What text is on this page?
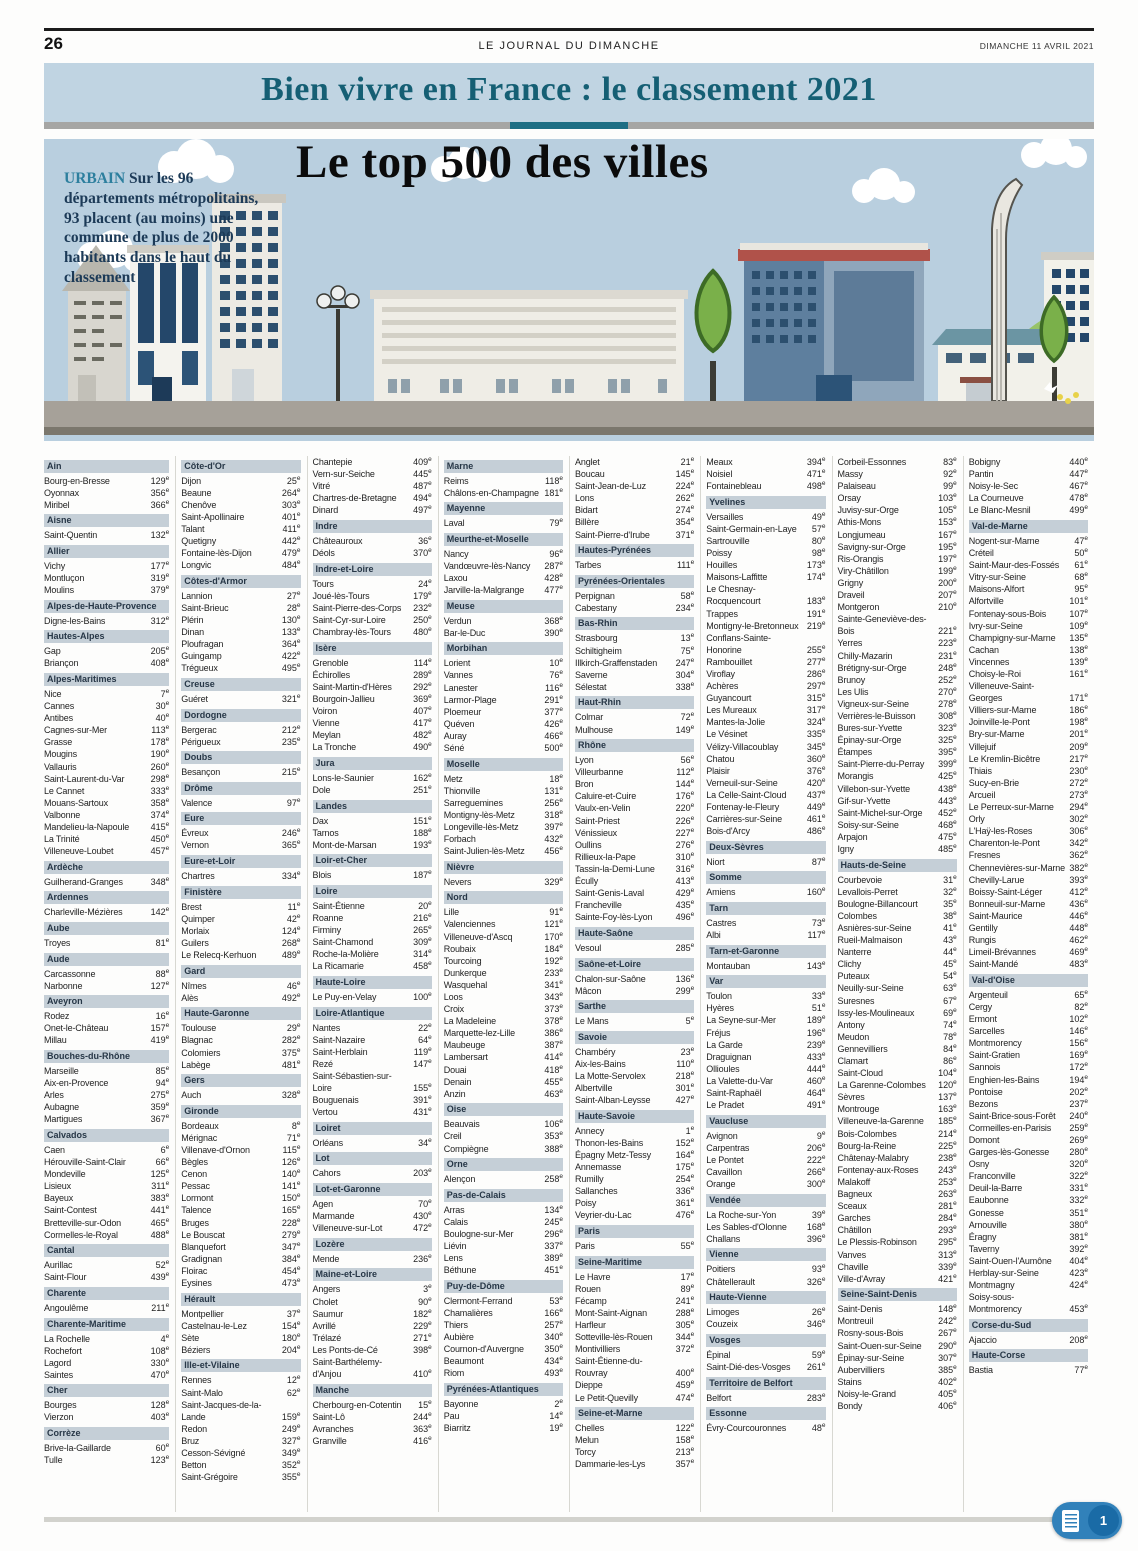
26	LE JOURNAL DU DIMANCHE	DIMANCHE 11 AVRIL 2021
Bien vivre en France : le classement 2021
URBAIN Sur les 96 départements métropolitains, 93 placent (au moins) une commune de plus de 2000 habitants dans le haut du classement
Le top 500 des villes
Ain
Bourg-en-Bresse	129e
Oyonnax	356e
Miribel	366e
Aisne
Saint-Quentin	132e
Allier
Vichy	177e
Montluçon	319e
Moulins	379e
Alpes-de-Haute-Provence
Digne-les-Bains	312e
Hautes-Alpes
Gap	205e
Briançon	408e
Alpes-Maritimes
Nice	7e
Cannes	30e
Antibes	40e
Cagnes-sur-Mer	113e
Grasse	178e
Mougins	190e
Vallauris	260e
Saint-Laurent-du-Var	298e
Le Cannet	333e
Mouans-Sartoux	358e
Valbonne	374e
Mandelieu-la-Napoule 415e
La Trinité	450e
Villeneuve-Loubet	457e
Ardèche
Guilherand-Granges	348e
Ardennes
Charleville-Mézières	142e
Aube
Troyes	81e
Aude
Carcassonne	88e
Narbonne	127e
Aveyron
Rodez	16e
Onet-le-Château	157e
Millau	419e
Bouches-du-Rhône
Marseille	85e
Aix-en-Provence	94e
Arles	275e
Aubagne	359e
Martigues	367e
Calvados
Caen	6e
Hérouville-Saint-Clair	66e
Mondeville	125e
Lisieux	311e
Bayeux	383e
Saint-Contest	441e
Bretteville-sur-Odon	465e
Cormelles-le-Royal	488e
Cantal
Aurillac	52e
Saint-Flour	439e
Charente
Angoulême	211e
Charente-Maritime
La Rochelle	4e
Rochefort	108e
Lagord	330e
Saintes	470e
Cher
Bourges	128e
Vierzon	403e
Corrèze
Brive-la-Gaillarde	60e
Tulle	123e
Côte-d'Or
Dijon	25e
Beaune	264e
Chenôve	303e
Saint-Apollinaire	401e
Talant	411e
Quetigny	442e
Fontaine-lès-Dijon	479e
Longvic	484e
Côtes-d'Armor
Lannion	27e
Saint-Brieuc	28e
Plérin	130e
Dinan	133e
Ploufragan	364e
Guingamp	422e
Trégueux	495e
Creuse
Guéret	321e
Dordogne
Bergerac	212e
Périgueux	235e
Doubs
Besançon	215e
Drôme
Valence	97e
Eure
Évreux	246e
Vernon	365e
Eure-et-Loir
Chartres	334e
Finistère
Brest	11e
Quimper	42e
Morlaix	124e
Guilers	268e
Le Relecq-Kerhuon	489e
Gard
Nîmes	46e
Alès	492e
Haute-Garonne
Toulouse	29e
Blagnac	282e
Colomiers	375e
Labège	481e
Gers
Auch	328e
Gironde
Bordeaux	8e
Mérignac	71e
Villenave-d'Ornon	115e
Bègles	126e
Cenon	140e
Pessac	141e
Lormont	150e
Talence	165e
Bruges	228e
Le Bouscat	279e
Blanquefort	347e
Gradignan	384e
Floirac	454e
Eysines	473e
Hérault
Montpellier	37e
Castelnau-le-Lez	154e
Sète	180e
Béziers	204e
Ille-et-Vilaine
Rennes	12e
Saint-Malo	62e
Saint-Jacques-de-la-Lande	159e
Redon	249e
Bruz	327e
Cesson-Sévigné	349e
Betton	352e
Saint-Grégoire	355e
Chantepie	409e
Vern-sur-Seiche	445e
Vitré	487e
Chartres-de-Bretagne 494e
Dinard	497e
Indre
Châteauroux	36e
Déols	370e
Indre-et-Loire
Tours	24e
Joué-lès-Tours	179e
Saint-Pierre-des-Corps 232e
Saint-Cyr-sur-Loire	250e
Chambray-lès-Tours 480e
Isère
Grenoble	114e
Échirolles	289e
Saint-Martin-d'Hères 292e
Bourgoin-Jallieu	369e
Voiron	407e
Vienne	417e
Meylan	482e
La Tronche	490e
Jura
Lons-le-Saunier	162e
Dole	251e
Landes
Dax	151e
Tarnos	188e
Mont-de-Marsan	193e
Loir-et-Cher
Blois	187e
Loire
Saint-Étienne	20e
Roanne	216e
Firminy	265e
Saint-Chamond	309e
Roche-la-Molière	314e
La Ricamarie	458e
Haute-Loire
Le Puy-en-Velay	100e
Loire-Atlantique
Nantes	22e
Saint-Nazaire	64e
Saint-Herblain	119e
Rezé	147e
Saint-Sébastien-sur-Loire	155e
Bouguenais	391e
Vertou	431e
Loiret
Orléans	34e
Lot
Cahors	203e
Lot-et-Garonne
Agen	70e
Marmande	430e
Villeneuve-sur-Lot	472e
Lozère
Mende	236e
Maine-et-Loire
Angers	3e
Cholet	90e
Saumur	182e
Avrillé	229e
Trélazé	271e
Les Ponts-de-Cé	398e
Saint-Barthélemy-d'Anjou	410e
Manche
Cherbourg-en-Cotentin 15e
Saint-Lô	244e
Avranches	363e
Granville	416e
Marne
Reims	118e
Châlons-en-Champagne 181e
Mayenne
Laval	79e
Meurthe-et-Moselle
Nancy	96e
Vandœuvre-lès-Nancy 287e
Laxou	428e
Jarville-la-Malgrange 477e
Meuse
Verdun	368e
Bar-le-Duc	390e
Morbihan
Lorient	10e
Vannes	76e
Lanester	116e
Larmor-Plage	291e
Ploemeur	377e
Quéven	426e
Auray	466e
Séné	500e
Moselle
Metz	18e
Thionville	131e
Sarreguemines	256e
Montigny-lès-Metz	318e
Longeville-lès-Metz	397e
Forbach	432e
Saint-Julien-lès-Metz 456e
Nièvre
Nevers	329e
Nord
Lille	91e
Valenciennes	121e
Villeneuve-d'Ascq	170e
Roubaix	184e
Tourcoing	192e
Dunkerque	233e
Wasquehal	341e
Loos	343e
Croix	373e
La Madeleine	378e
Marquette-lez-Lille	386e
Maubeuge	387e
Lambersart	414e
Douai	418e
Denain	455e
Anzin	463e
Oise
Beauvais	106e
Creil	353e
Compiègne	388e
Orne
Alençon	258e
Pas-de-Calais
Arras	134e
Calais	245e
Boulogne-sur-Mer	296e
Liévin	337e
Lens	389e
Béthune	451e
Puy-de-Dôme
Clermont-Ferrand	53e
Chamalières	166e
Thiers	257e
Aubière	340e
Cournon-d'Auvergne 350e
Beaumont	434e
Riom	493e
Pyrénées-Atlantiques
Bayonne	2e
Pau	14e
Biarritz	19e
Anglet	21e
Boucau	145e
Saint-Jean-de-Luz	224e
Lons	262e
Bidart	274e
Billère	354e
Saint-Pierre-d'Irube	371e
Hautes-Pyrénées
Tarbes	111e
Pyrénées-Orientales
Perpignan	58e
Cabestany	234e
Bas-Rhin
Strasbourg	13e
Schiltigheim	75e
Illkirch-Graffenstaden 247e
Saverne	304e
Sélestat	338e
Haut-Rhin
Colmar	72e
Mulhouse	149e
Rhône
Lyon	56e
Villeurbanne	112e
Bron	144e
Caluire-et-Cuire	176e
Vaulx-en-Velin	220e
Saint-Priest	226e
Vénissieux	227e
Oullins	276e
Rillieux-la-Pape	310e
Tassin-la-Demi-Lune 316e
Écully	413e
Saint-Genis-Laval	429e
Francheville	435e
Sainte-Foy-lès-Lyon	496e
Haute-Saône
Vesoul	285e
Saône-et-Loire
Chalon-sur-Saône	136e
Mâcon	299e
Sarthe
Le Mans	5e
Savoie
Chambéry	23e
Aix-les-Bains	110e
La Motte-Servolex	218e
Albertville	301e
Saint-Alban-Leysse	427e
Haute-Savoie
Annecy	1e
Thonon-les-Bains	152e
Épagny Metz-Tessy	164e
Annemasse	175e
Rumilly	254e
Sallanches	336e
Poisy	361e
Veyrier-du-Lac	476e
Paris
Paris	55e
Seine-Maritime
Le Havre	17e
Rouen	89e
Fécamp	241e
Mont-Saint-Aignan	288e
Harfleur	305e
Sotteville-lès-Rouen	344e
Montivilliers	372e
Saint-Étienne-du-Rouvray	400e
Dieppe	459e
Le Petit-Quevilly	474e
Seine-et-Marne
Chelles	122e
Melun	158e
Torcy	213e
Dammarie-les-Lys	357e
Meaux	394e
Noisiel	471e
Fontainebleau	498e
Yvelines
Versailles	49e
Saint-Germain-en-Laye 57e
Sartrouville	80e
Poissy	98e
Houilles	173e
Maisons-Laffitte	174e
Le Chesnay-Rocquencourt	183e
Trappes	191e
Montigny-le-Bretonneux 219e
Conflans-Sainte-Honorine	255e
Rambouillet	277e
Viroflay	286e
Achères	297e
Guyancourt	315e
Les Mureaux	317e
Mantes-la-Jolie	324e
Le Vésinet	335e
Vélizy-Villacoublay	345e
Chatou	360e
Plaisir	376e
Verneuil-sur-Seine	420e
La Celle-Saint-Cloud 437e
Fontenay-le-Fleury	449e
Carrières-sur-Seine	461e
Bois-d'Arcy	486e
Deux-Sèvres
Niort	87e
Somme
Amiens	160e
Tarn
Castres	73e
Albi	117e
Tarn-et-Garonne
Montauban	143e
Var
Toulon	33e
Hyères	51e
La Seyne-sur-Mer	189e
Fréjus	196e
La Garde	239e
Draguignan	433e
Ollioules	444e
La Valette-du-Var	460e
Saint-Raphaël	464e
Le Pradet	491e
Vaucluse
Avignon	9e
Carpentras	206e
Le Pontet	222e
Cavaillon	266e
Orange	300e
Vendée
La Roche-sur-Yon	39e
Les Sables-d'Olonne 168e
Challans	396e
Vienne
Poitiers	93e
Châtellerault	326e
Haute-Vienne
Limoges	26e
Couzeix	346e
Vosges
Épinal	59e
Saint-Dié-des-Vosges 261e
Territoire de Belfort
Belfort	283e
Essonne
Évry-Courcouronnes	48e
Corbeil-Essonnes	83e
Massy	92e
Palaiseau	99e
Orsay	103e
Juvisy-sur-Orge	105e
Athis-Mons	153e
Longjumeau	167e
Savigny-sur-Orge	195e
Ris-Orangis	197e
Viry-Châtillon	199e
Grigny	200e
Draveil	207e
Montgeron	210e
Sainte-Geneviève-des-Bois	221e
Yerres	223e
Chilly-Mazarin	231e
Brétigny-sur-Orge	248e
Brunoy	252e
Les Ulis	270e
Vigneux-sur-Seine	278e
Verrières-le-Buisson	308e
Bures-sur-Yvette	323e
Épinay-sur-Orge	325e
Étampes	395e
Saint-Pierre-du-Perray 399e
Morangis	425e
Villebon-sur-Yvette	438e
Gif-sur-Yvette	443e
Saint-Michel-sur-Orge 452e
Soisy-sur-Seine	468e
Arpajon	475e
Igny	485e
Hauts-de-Seine
Courbevoie	31e
Levallois-Perret	32e
Boulogne-Billancourt	35e
Colombes	38e
Asnières-sur-Seine	41e
Rueil-Malmaison	43e
Nanterre	44e
Clichy	45e
Puteaux	54e
Neuilly-sur-Seine	63e
Suresnes	67e
Issy-les-Moulineaux	69e
Antony	74e
Meudon	78e
Gennevilliers	84e
Clamart	86e
Saint-Cloud	104e
La Garenne-Colombes 120e
Sèvres	137e
Montrouge	163e
Villeneuve-la-Garenne 185e
Bois-Colombes	214e
Bourg-la-Reine	225e
Châtenay-Malabry	238e
Fontenay-aux-Roses 243e
Malakoff	253e
Bagneux	263e
Sceaux	281e
Garches	284e
Châtillon	293e
Le Plessis-Robinson 295e
Vanves	313e
Chaville	339e
Ville-d'Avray	421e
Seine-Saint-Denis
Saint-Denis	148e
Montreuil	242e
Rosny-sous-Bois	267e
Saint-Ouen-sur-Seine 290e
Épinay-sur-Seine	307e
Aubervilliers	385e
Stains	402e
Noisy-le-Grand	405e
Bondy	406e
Bobigny	440e
Pantin	447e
Noisy-le-Sec	467e
La Courneuve	478e
Le Blanc-Mesnil	499e
Val-de-Marne
Nogent-sur-Marne	47e
Créteil	50e
Saint-Maur-des-Fossés 61e
Vitry-sur-Seine	68e
Maisons-Alfort	95e
Alfortville	101e
Fontenay-sous-Bois	107e
Ivry-sur-Seine	109e
Champigny-sur-Marne 135e
Cachan	138e
Vincennes	139e
Choisy-le-Roi	161e
Villeneuve-Saint-Georges	171e
Villiers-sur-Marne	186e
Joinville-le-Pont	198e
Bry-sur-Marne	201e
Villejuif	209e
Le Kremlin-Bicêtre	217e
Thiais	230e
Sucy-en-Brie	272e
Arcueil	273e
Le Perreux-sur-Marne 294e
Orly	302e
L'Haÿ-les-Roses	306e
Charenton-le-Pont	342e
Fresnes	362e
Chennevières-sur-Marne 382e
Chevilly-Larue	393e
Boissy-Saint-Léger	412e
Bonneuil-sur-Marne	436e
Saint-Maurice	446e
Gentilly	448e
Rungis	462e
Limeil-Brévannes	469e
Saint-Mandé	483e
Val-d'Oise
Argenteuil	65e
Cergy	82e
Ermont	102e
Sarcelles	146e
Montmorency	156e
Saint-Gratien	169e
Sannois	172e
Enghien-les-Bains	194e
Pontoise	202e
Bezons	237e
Saint-Brice-sous-Forêt 240e
Cormeilles-en-Parisis 259e
Domont	269e
Garges-lès-Gonesse 280e
Osny	320e
Franconville	322e
Deuil-la-Barre	331e
Eaubonne	332e
Gonesse	351e
Arnouville	380e
Éragny	381e
Taverny	392e
Saint-Ouen-l'Aumône 404e
Herblay-sur-Seine	423e
Montmagny	424e
Soisy-sous-Montmorency	453e
Corse-du-Sud
Ajaccio	208e
Haute-Corse
Bastia	77e
1
